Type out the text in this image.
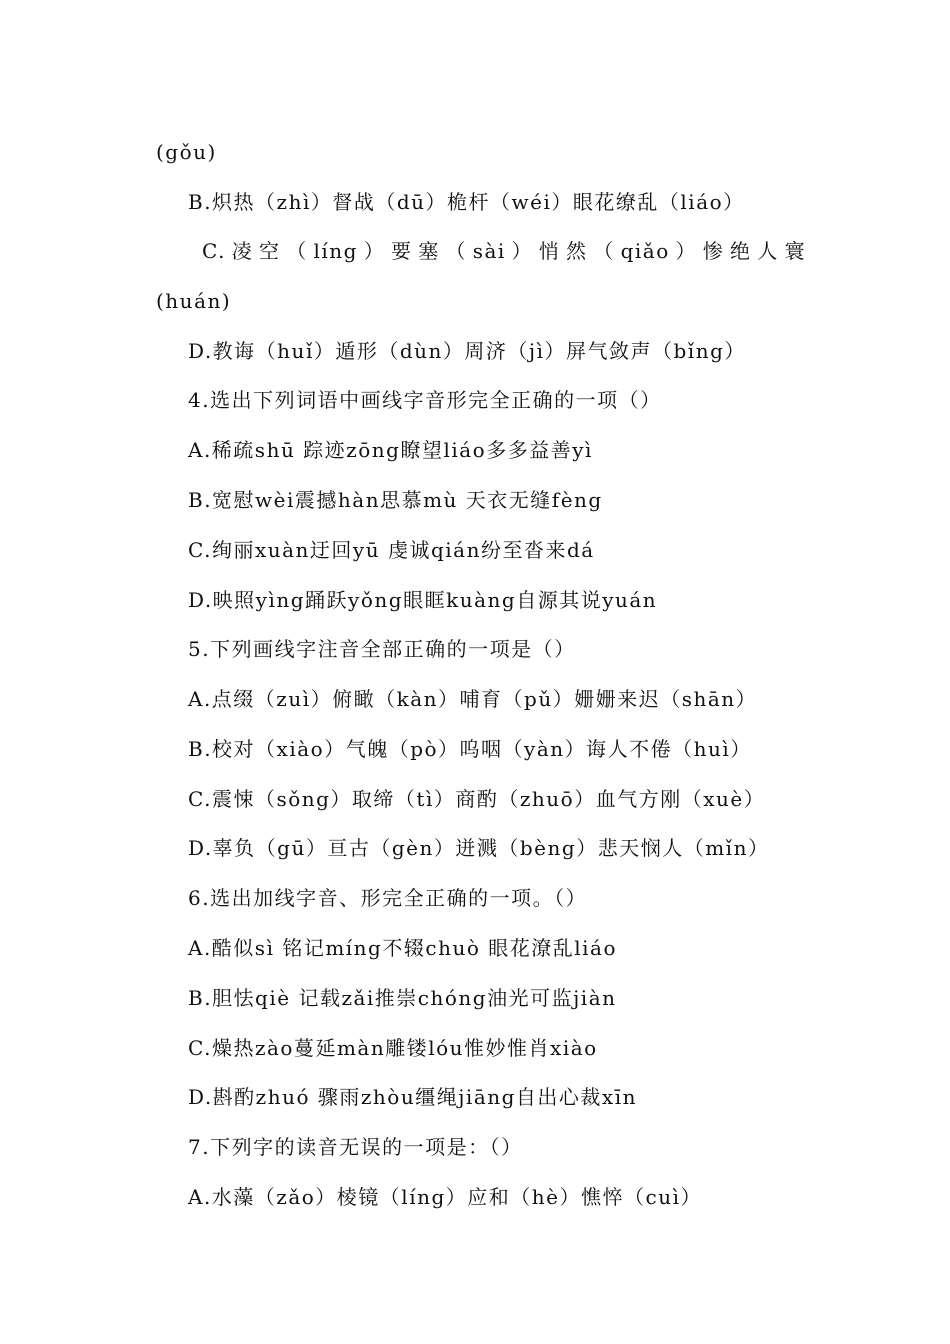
(gǒu)
B.炽热（zhì）督战（dū）桅杆（wéi）眼花缭乱（liáo）
C.凌空（líng）要塞（sài）悄然（qiǎo）惨绝人寰
(huán)
D.教诲（huǐ）遁形（dùn）周济（jì）屏气敛声（bǐng）
4.选出下列词语中画线字音形完全正确的一项（）
A.稀疏shū 踪迹zōng瞭望liáo多多益善yì
B.宽慰wèi震撼hàn思慕mù 天衣无缝fèng
C.绚丽xuàn迂回yū 虔诚qián纷至沓来dá
D.映照yìng踊跃yǒng眼眶kuàng自源其说yuán
5.下列画线字注音全部正确的一项是（）
A.点缀（zuì）俯瞰（kàn）哺育（pǔ）姗姗来迟（shān）
B.校对（xiào）气魄（pò）呜咽（yàn）诲人不倦（huì）
C.震悚（sǒng）取缔（tì）商酌（zhuō）血气方刚（xuè）
D.辜负（gū）亘古（gèn）迸溅（bèng）悲天悯人（mǐn）
6.选出加线字音、形完全正确的一项。（）
A.酷似sì 铭记míng不辍chuò 眼花潦乱liáo
B.胆怯qiè 记载zǎi推崇chóng油光可监jiàn
C.燥热zào蔓延màn雕镂lóu惟妙惟肖xiào
D.斟酌zhuó 骤雨zhòu缰绳jiāng自出心裁xīn
7.下列字的读音无误的一项是：（）
A.水藻（zǎo）棱镜（líng）应和（hè）憔悴（cuì）
